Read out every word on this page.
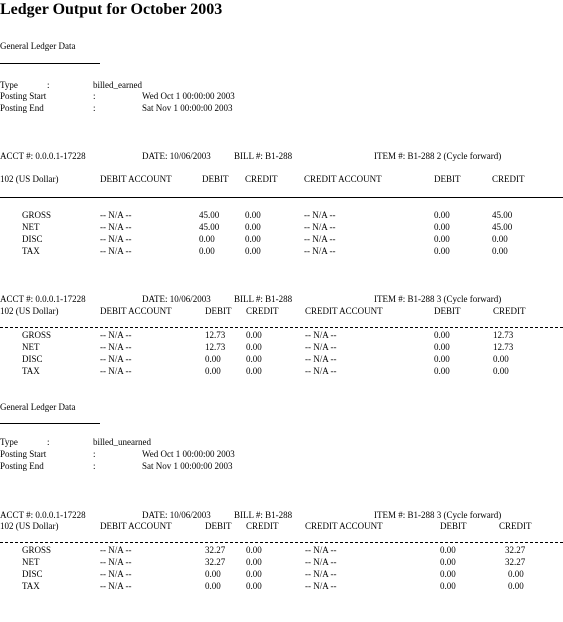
Ledger Output for October 2003
General Ledger Data
Type	:	billed_earned
Posting Start	:	Wed Oct 1 00:00:00 2003
Posting End	:	Sat Nov 1 00:00:00 2003
ACCT #: 0.0.0.1-17228	DATE: 10/06/2003	BILL #: B1-288	ITEM #: B1-288 2 (Cycle forward)
102 (US Dollar)	DEBIT ACCOUNT	DEBIT CREDIT	CREDIT ACCOUNT	DEBIT	CREDIT
GROSS	-- N/A --	45.00	0.00	-- N/A --	0.00	45.00
NET	-- N/A --	45.00	0.00	-- N/A --	0.00	45.00
DISC	-- N/A --	0.00	0.00	-- N/A --	0.00	0.00
TAX	-- N/A --	0.00	0.00	-- N/A --	0.00	0.00
ACCT #: 0.0.0.1-17228	DATE: 10/06/2003	BILL #: B1-288	ITEM #: B1-288 3 (Cycle forward)
102 (US Dollar)	DEBIT ACCOUNT	DEBIT CREDIT	CREDIT ACCOUNT	DEBIT	CREDIT
GROSS	-- N/A --	12.73 0.00	-- N/A --	0.00	12.73
NET	-- N/A --	12.73 0.00	-- N/A --	0.00	12.73
DISC	-- N/A --	0.00	0.00	-- N/A --	0.00	0.00
TAX	-- N/A --	0.00	0.00	-- N/A --	0.00	0.00
General Ledger Data
Type	:	billed_unearned
Posting Start	:	Wed Oct 1 00:00:00 2003
Posting End	:	Sat Nov 1 00:00:00 2003
ACCT #: 0.0.0.1-17228	DATE: 10/06/2003	BILL #: B1-288	ITEM #: B1-288 3 (Cycle forward)
102 (US Dollar)	DEBIT ACCOUNT	DEBIT CREDIT	CREDIT ACCOUNT	DEBIT	CREDIT
GROSS	-- N/A --	32.27 0.00	-- N/A --	0.00	32.27
NET	-- N/A --	32.27 0.00	-- N/A --	0.00	32.27
DISC	-- N/A --	0.00	0.00	-- N/A --	0.00	0.00
TAX	-- N/A --	0.00	0.00	-- N/A --	0.00	0.00
